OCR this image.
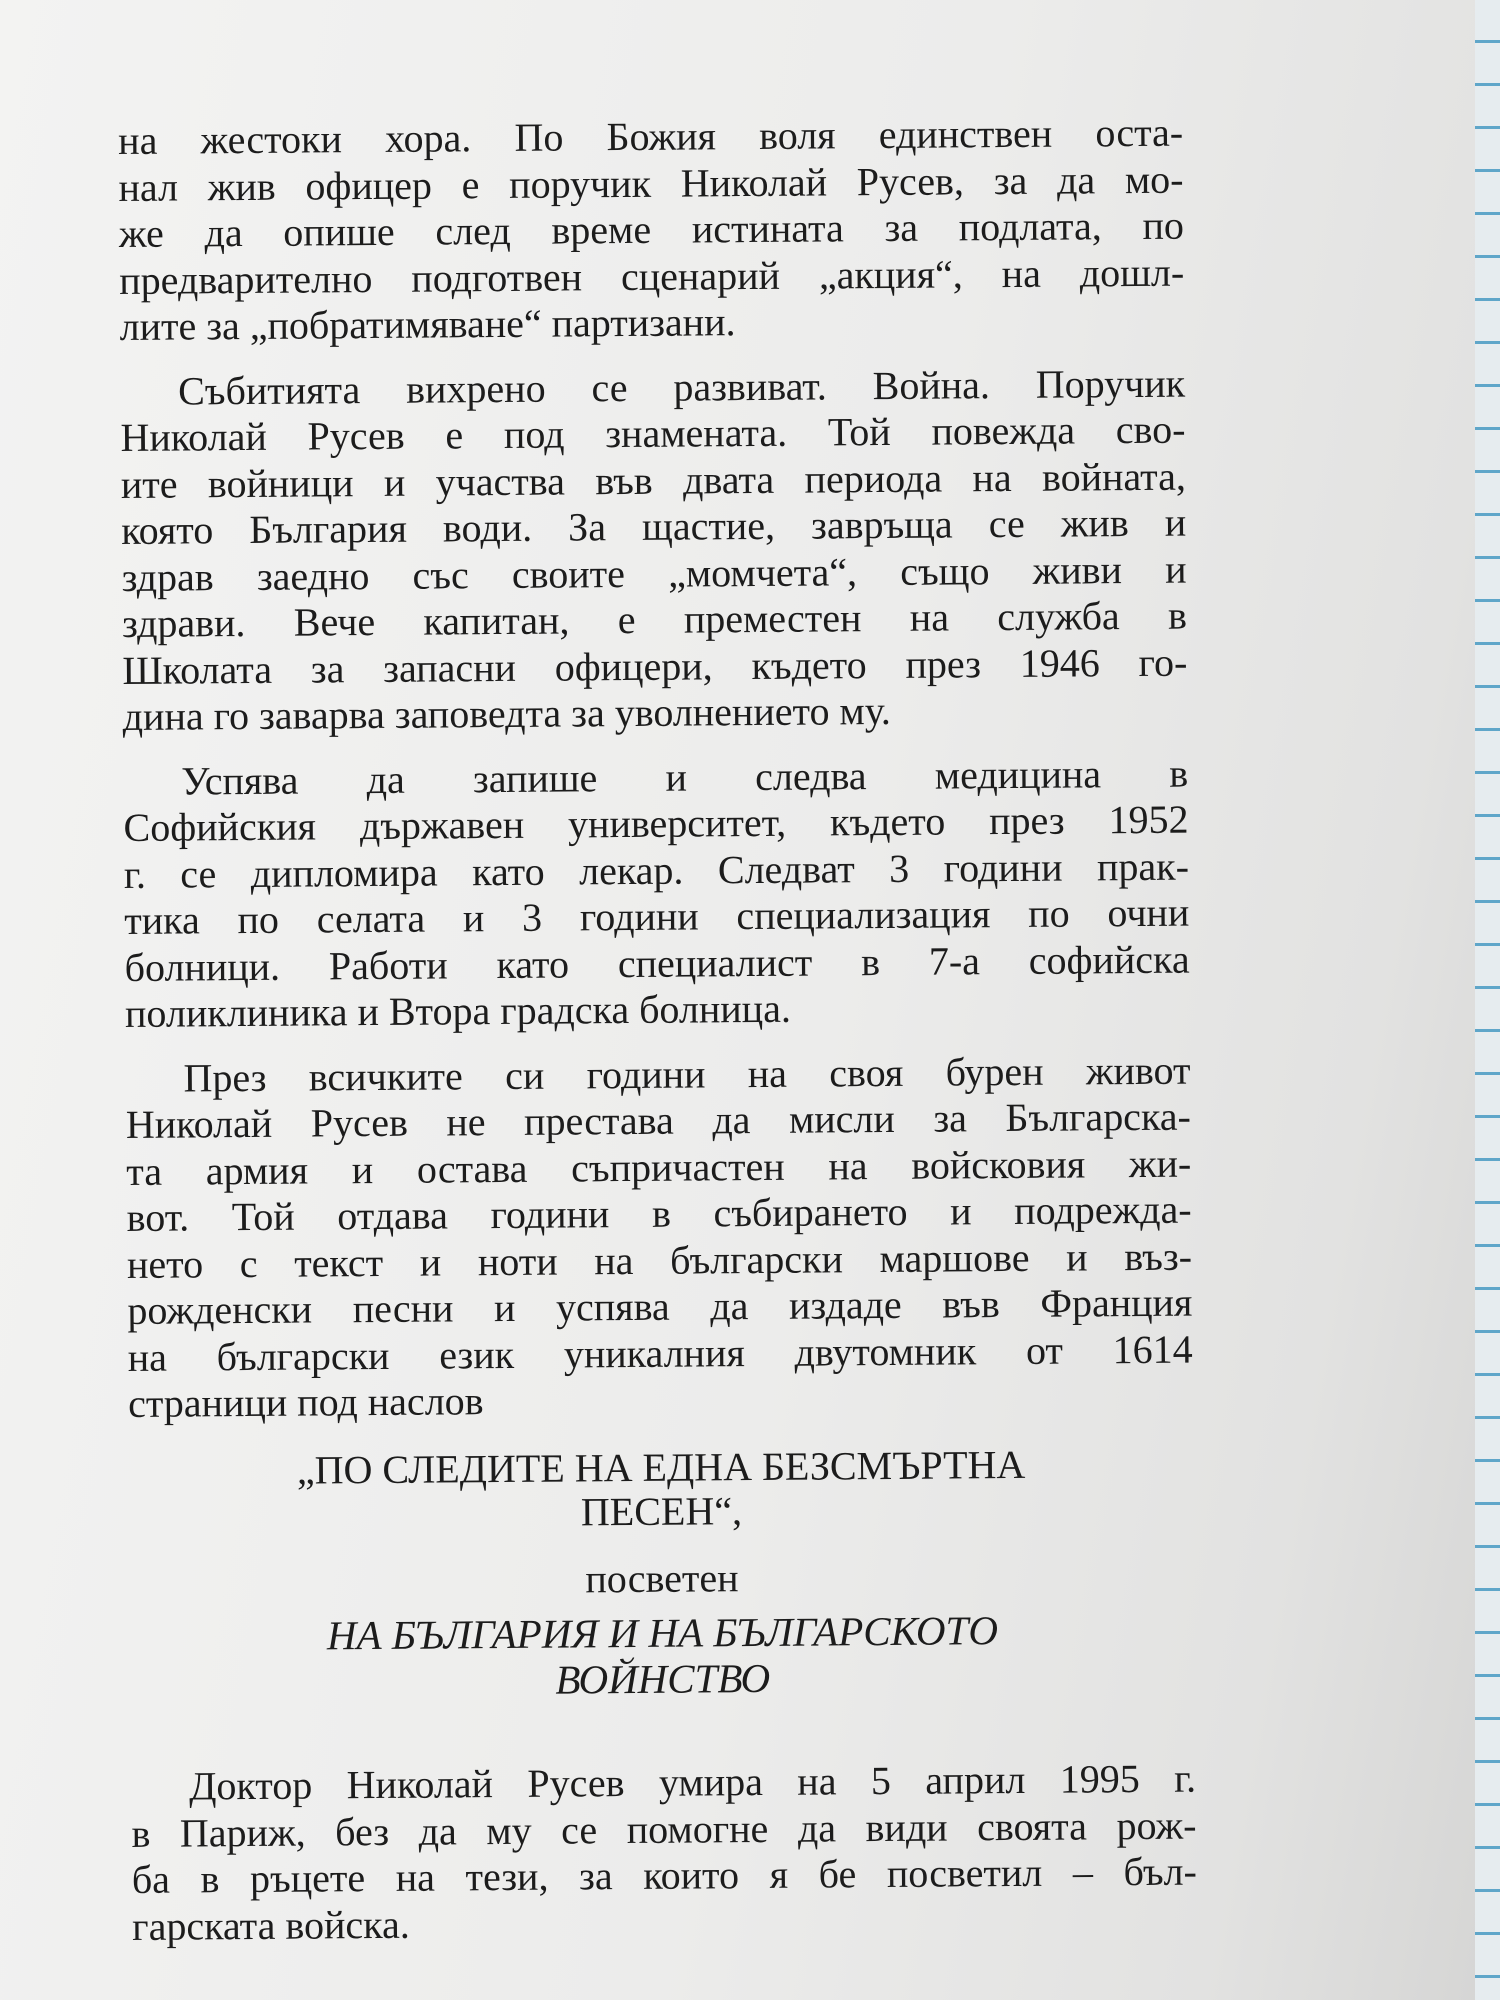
на жестоки хора. По Божия воля единствен оста-
нал жив офицер е поручик Николай Русев, за да мо-
же да опише след време истината за подлата, по
предварително подготвен сценарий „акция“, на дошл-
лите за „побратимяване“ партизани.
Събитията вихрено се развиват. Война. Поручик
Николай Русев е под знамената. Той повежда сво-
ите войници и участва във двата периода на войната,
която България води. За щастие, завръща се жив и
здрав заедно със своите „момчета“, също живи и
здрави. Вече капитан, е преместен на служба в
Школата за запасни офицери, където през 1946 го-
дина го заварва заповедта за уволнението му.
Успява да запише и следва медицина в
Софийския държавен университет, където през 1952
г. се дипломира като лекар. Следват 3 години прак-
тика по селата и 3 години специализация по очни
болници. Работи като специалист в 7-а софийска
поликлиника и Втора градска болница.
През всичките си години на своя бурен живот
Николай Русев не престава да мисли за Българска-
та армия и остава съпричастен на войсковия жи-
вот. Той отдава години в събирането и подрежда-
нето с текст и ноти на български маршове и въз-
рожденски песни и успява да издаде във Франция
на български език уникалния двутомник от 1614
страници под наслов
„ПО СЛЕДИТЕ НА ЕДНА БЕЗСМЪРТНА
ПЕСЕН“,
посветен
НА БЪЛГАРИЯ И НА БЪЛГАРСКОТО
ВОЙНСТВО
Доктор Николай Русев умира на 5 април 1995 г.
в Париж, без да му се помогне да види своята рож-
ба в ръцете на тези, за които я бе посветил – бъл-
гарската войска.
